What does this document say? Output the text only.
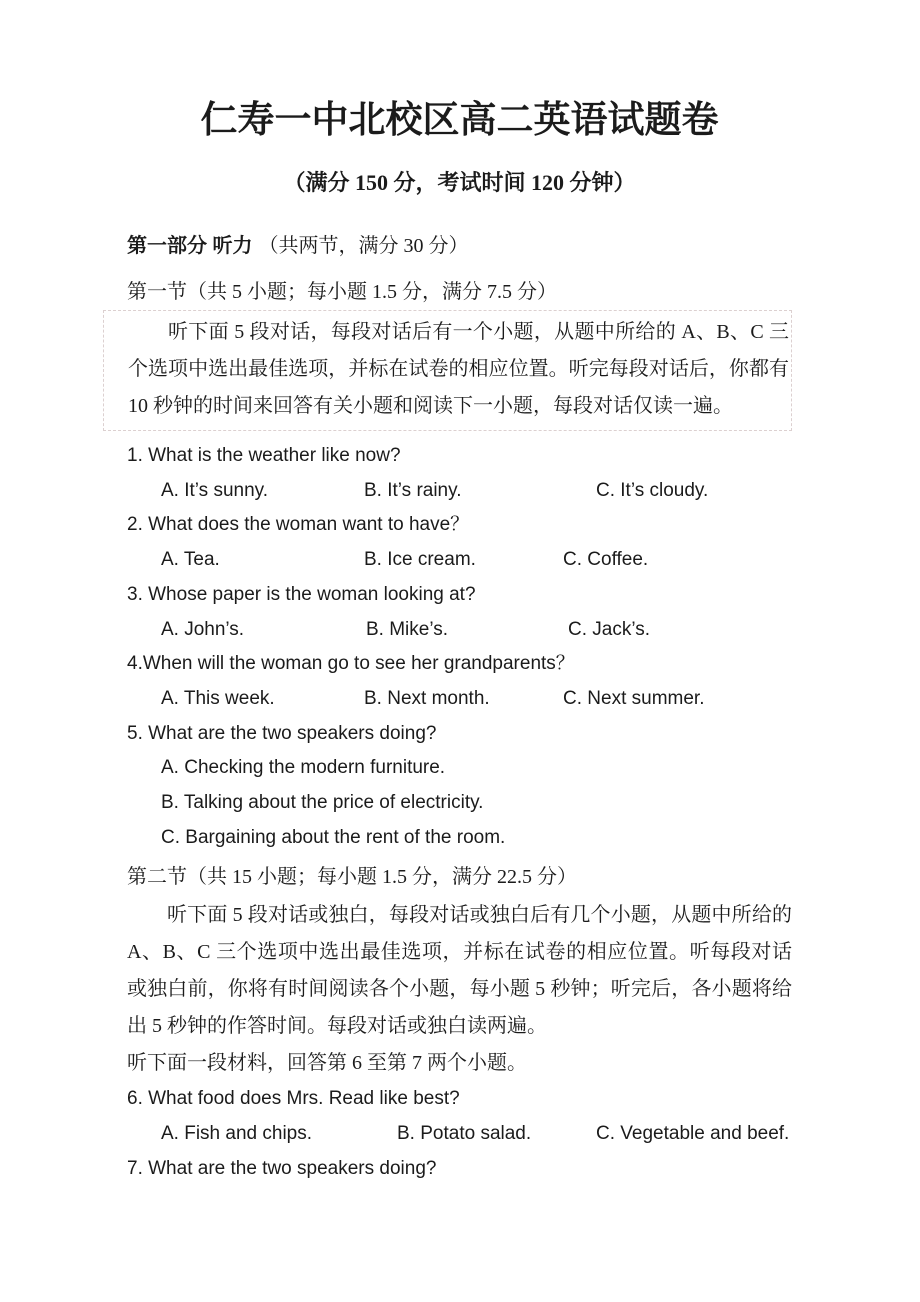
仁寿一中北校区高二英语试题卷
（满分 150 分，考试时间 120 分钟）
第一部分 听力 （共两节，满分 30 分）
第一节（共 5 小题；每小题 1.5 分，满分 7.5 分）
听下面 5 段对话，每段对话后有一个小题，从题中所给的 A、B、C 三个选项中选出最佳选项，并标在试卷的相应位置。听完每段对话后，你都有 10 秒钟的时间来回答有关小题和阅读下一小题，每段对话仅读一遍。
1. What is the weather like now?
A. It’s sunny.	B. It’s rainy.	C. It’s cloudy.
2. What does the woman want to have？
A. Tea.	B. Ice cream.	C. Coffee.
3. Whose paper is the woman looking at?
A. John’s.	B. Mike’s.	C. Jack’s.
4.When will the woman go to see her grandparents？
A. This week.	B. Next month.	C. Next summer.
5. What are the two speakers doing?
A. Checking the modern furniture.
B. Talking about the price of electricity.
C. Bargaining about the rent of the room.
第二节（共 15 小题；每小题 1.5 分，满分 22.5 分）
听下面 5 段对话或独白，每段对话或独白后有几个小题，从题中所给的 A、B、C 三个选项中选出最佳选项，并标在试卷的相应位置。听每段对话或独白前，你将有时间阅读各个小题，每小题 5 秒钟；听完后，各小题将给出 5 秒钟的作答时间。每段对话或独白读两遍。
听下面一段材料，回答第 6 至第 7 两个小题。
6. What food does Mrs. Read like best?
A. Fish and chips.	B. Potato salad.	C. Vegetable and beef.
7. What are the two speakers doing?
